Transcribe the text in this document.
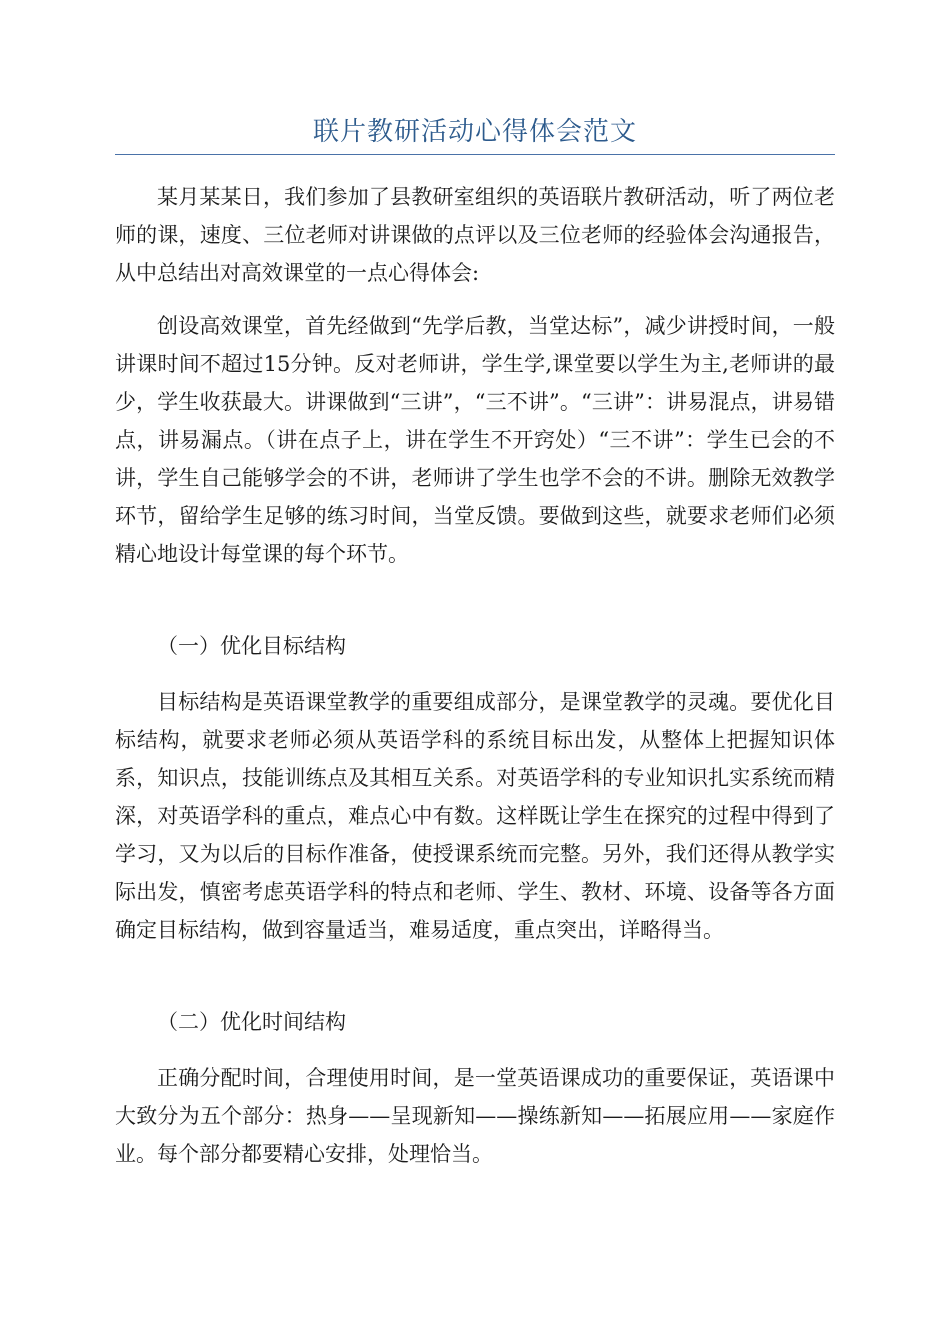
联片教研活动心得体会范文

某月某某日，我们参加了县教研室组织的英语联片教研活动，听了两位老师的课，速度、三位老师对讲课做的点评以及三位老师的经验体会沟通报告，从中总结出对高效课堂的一点心得体会:

创设高效课堂，首先经做到“先学后教，当堂达标”，减少讲授时间，一般讲课时间不超过15分钟。反对老师讲，学生学,课堂要以学生为主,老师讲的最少，学生收获最大。讲课做到“三讲”，“三不讲”。“三讲”：讲易混点，讲易错点，讲易漏点。（讲在点子上，讲在学生不开窍处）“三不讲”：学生已会的不讲，学生自己能够学会的不讲，老师讲了学生也学不会的不讲。删除无效教学环节，留给学生足够的练习时间，当堂反馈。要做到这些，就要求老师们必须精心地设计每堂课的每个环节。

（一）优化目标结构

目标结构是英语课堂教学的重要组成部分，是课堂教学的灵魂。要优化目标结构，就要求老师必须从英语学科的系统目标出发，从整体上把握知识体系，知识点，技能训练点及其相互关系。对英语学科的专业知识扎实系统而精深，对英语学科的重点，难点心中有数。这样既让学生在探究的过程中得到了学习，又为以后的目标作准备，使授课系统而完整。另外，我们还得从教学实际出发，慎密考虑英语学科的特点和老师、学生、教材、环境、设备等各方面确定目标结构，做到容量适当，难易适度，重点突出，详略得当。

（二）优化时间结构

正确分配时间，合理使用时间，是一堂英语课成功的重要保证，英语课中大致分为五个部分：热身——呈现新知——操练新知——拓展应用——家庭作业。每个部分都要精心安排，处理恰当。
